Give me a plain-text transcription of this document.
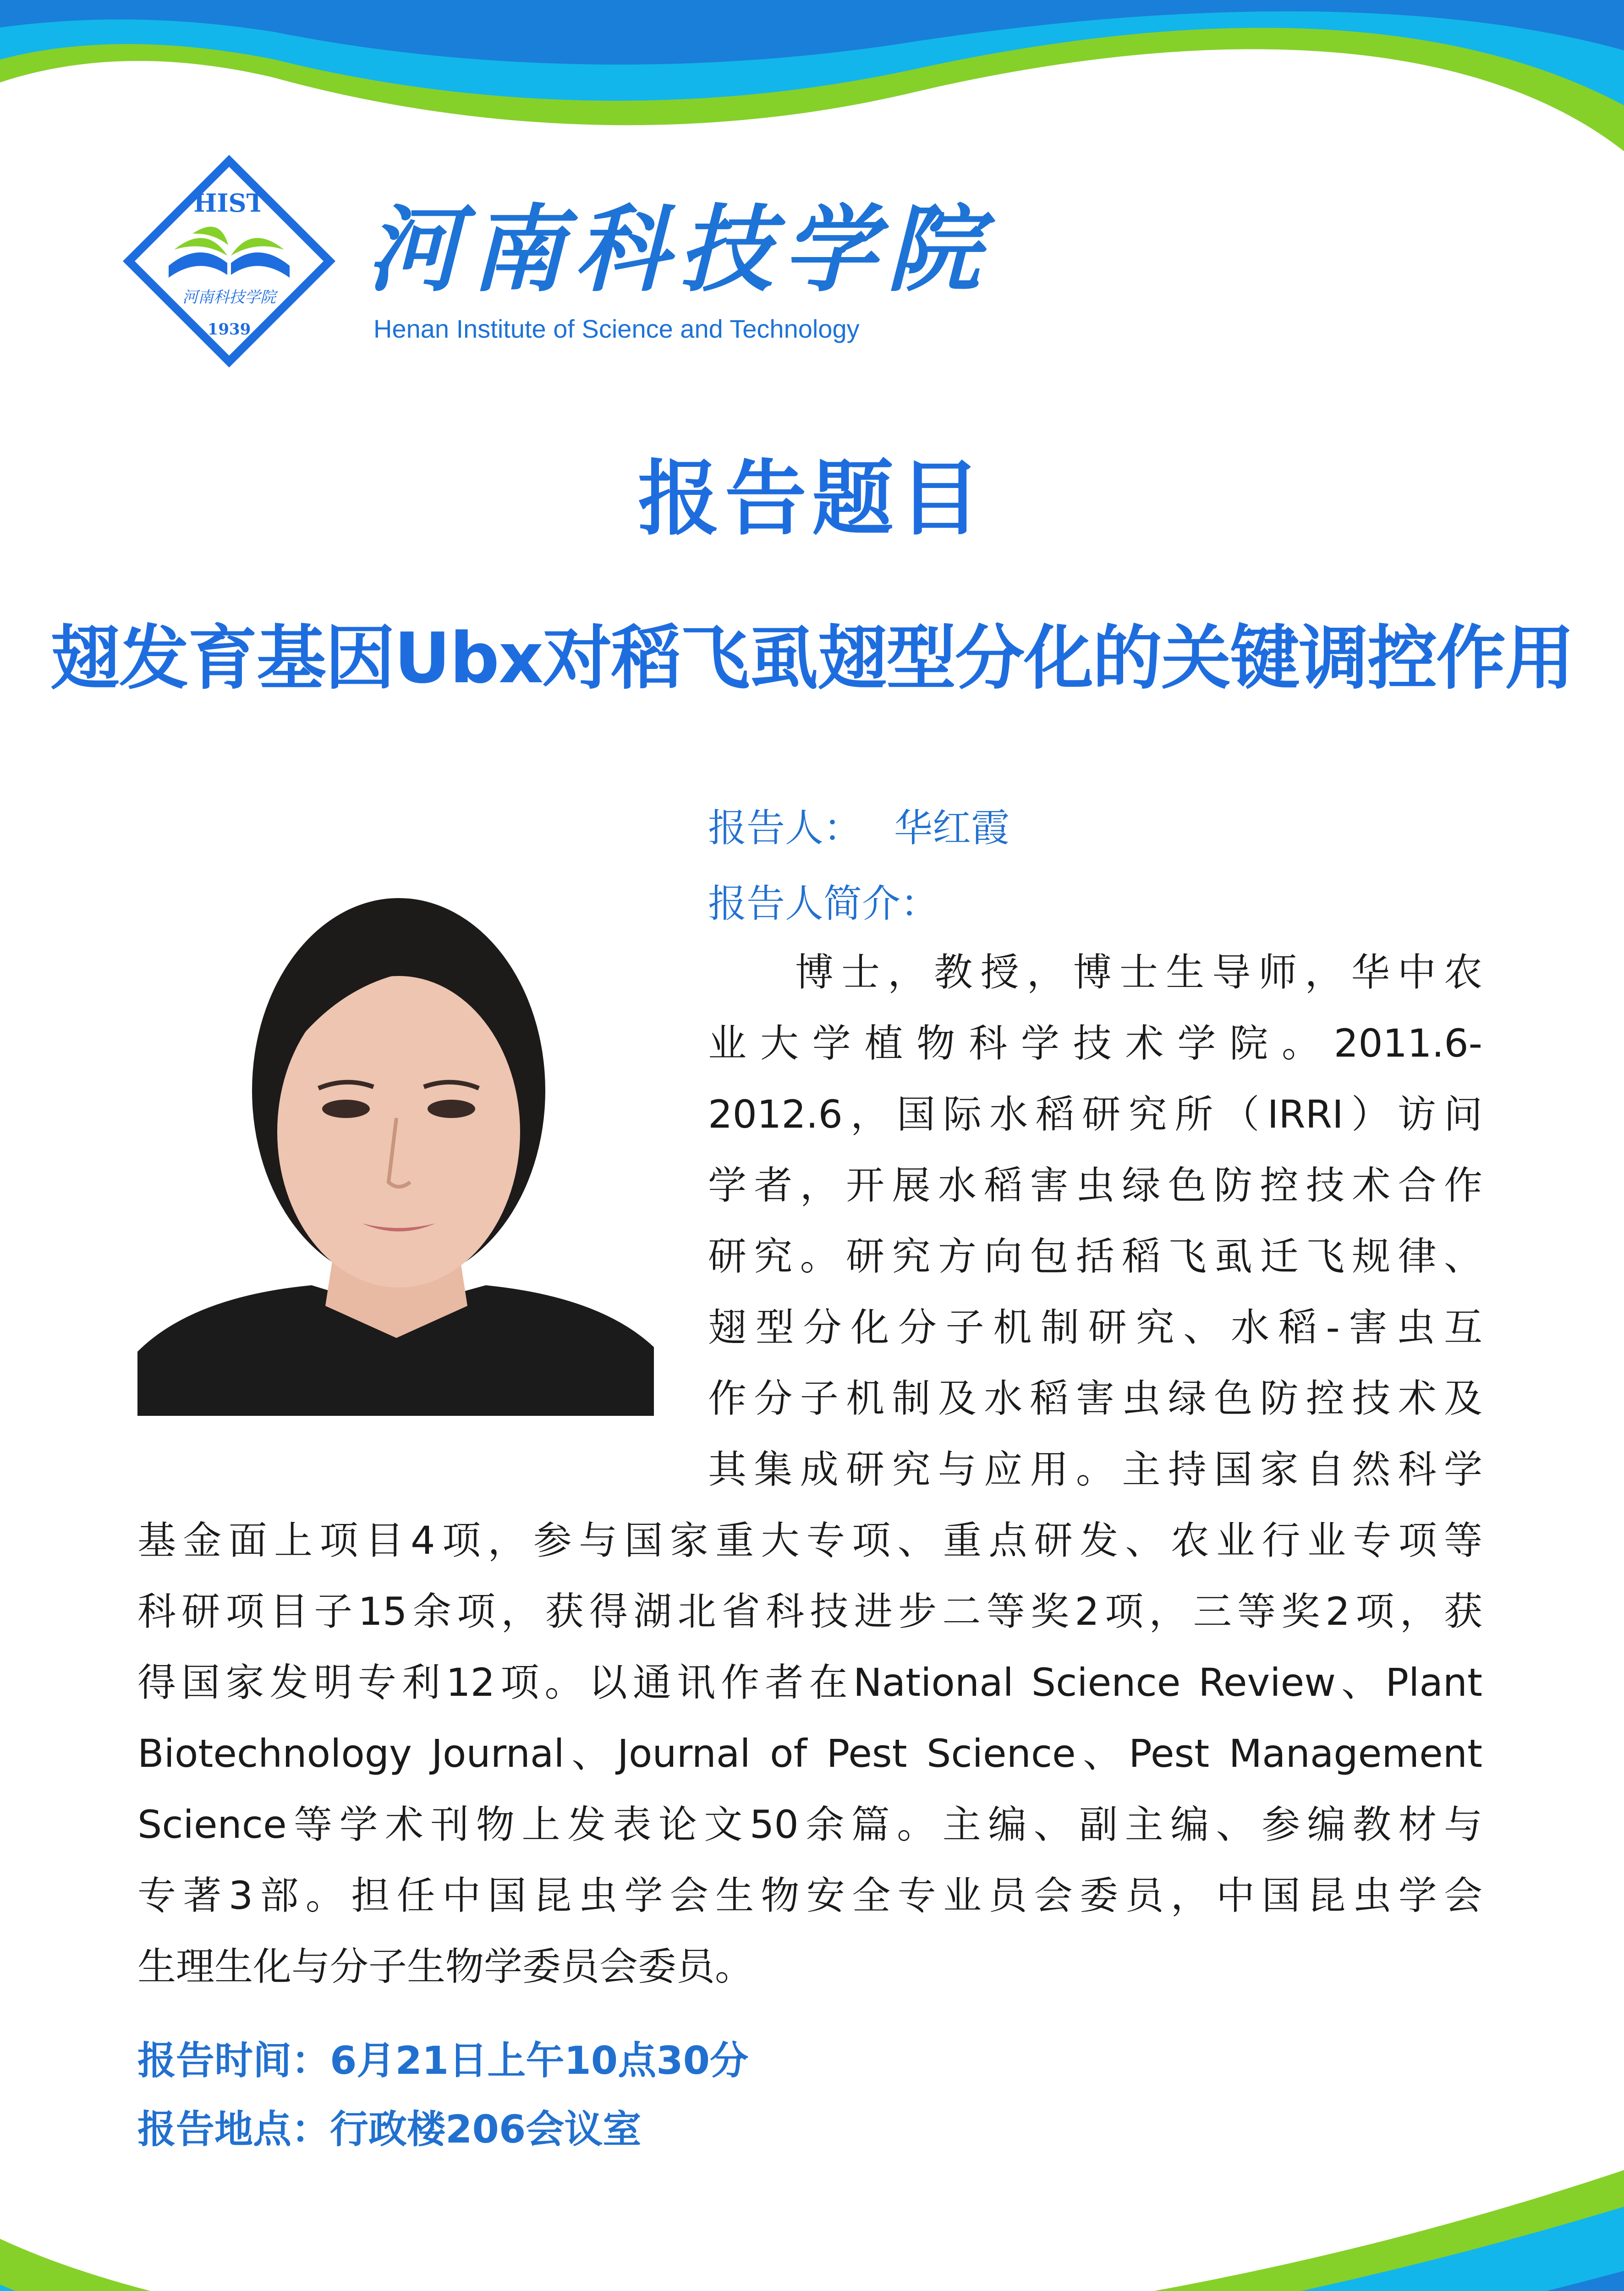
HIST
河南科技学院
1939
河南科技学院
Henan Institute of Science and Technology
报告题目
翅发育基因Ubx对稻飞虱翅型分化的关键调控作用
报告人： 华红霞
报告人简介：
博士，教授，博士生导师，华中农
业大学植物科学技术学院。2011.6-
2012.6，国际水稻研究所（IRRI）访问
学者，开展水稻害虫绿色防控技术合作
研究。研究方向包括稻飞虱迁飞规律、
翅型分化分子机制研究、水稻-害虫互
作分子机制及水稻害虫绿色防控技术及
其集成研究与应用。主持国家自然科学
基金面上项目4项，参与国家重大专项、重点研发、农业行业专项等
科研项目子15余项，获得湖北省科技进步二等奖2项，三等奖2项，获
得国家发明专利12项。以通讯作者在National Science Review、Plant
Biotechnology Journal、Journal of Pest Science、Pest Management
Science等学术刊物上发表论文50余篇。主编、副主编、参编教材与
专著3部。担任中国昆虫学会生物安全专业员会委员，中国昆虫学会
生理生化与分子生物学委员会委员。
报告时间：6月21日上午10点30分
报告地点：行政楼206会议室
